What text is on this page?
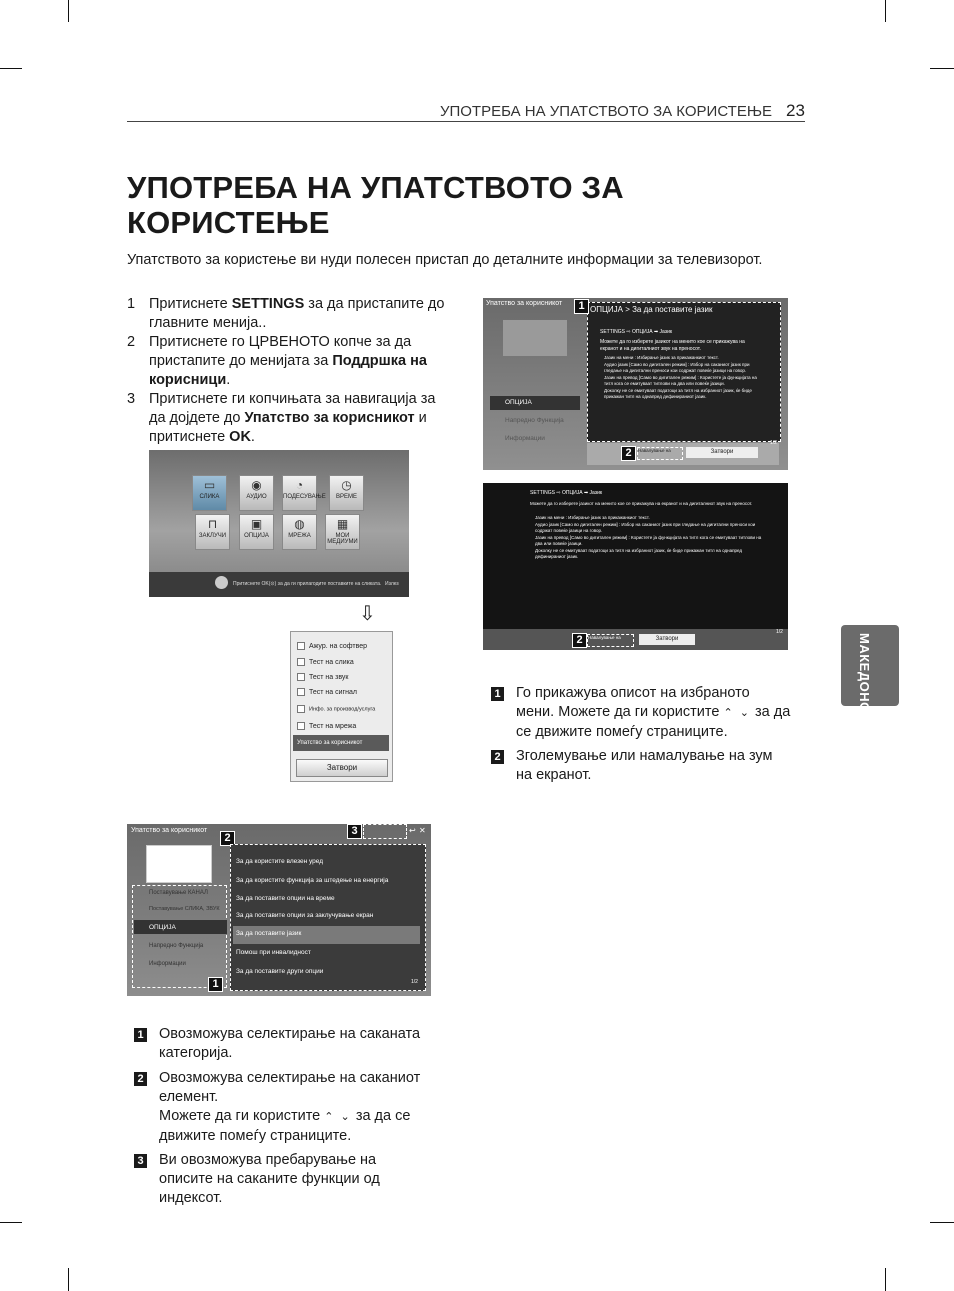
УПОТРЕБА НА УПАТСТВОТО ЗА КОРИСТЕЊЕ 23
УПОТРЕБА НА УПАТСТВОТО ЗА КОРИСТЕЊЕ
Упатството за користење ви нуди полесен пристап до деталните информации за телевизорот.
1 Притиснете SETTINGS за да пристапите до главните менија..
2 Притиснете го ЦРВЕНОТО копче за да пристапите до менијата за Поддршка на корисници.
3 Притиснете ги копчињата за навигација за да дојдете до Упатство за корисникот и притиснете OK.
▭
СЛИКА
◉
АУДИО
◔
ПОДЕСУВАЊЕ
◷
ВРЕМЕ
⊓
ЗАКЛУЧИ
▣
ОПЦИЈА
◍
МРЕЖА
▦
МОИ МЕДИУМИ
Притиснете OK(⊙) за да ги прилагодите поставките на сликата. Излез
⇩
Ажур. на софтвер
Тест на слика
Тест на звук
Тест на сигнал
Инфо. за производ/услуга
Тест на мрежа
Упатство за корисникот
Затвори
Упатство за корисникот
Поставување КАНАЛ
Поставување СЛИКА, ЗВУК
ОПЦИЈА
Напредно Функција
Информации
1
2
3	↩ ✕
За да користите влезен уред
За да користите функција за штедење на енергија
За да поставите опции на време
За да поставите опции за заклучување екран
За да поставите јазик
Помош при инвалидност
За да поставите други опции
1/2
Упатство за корисникот
ОПЦИЈА
Напредно Функција
Информации
1 ОПЦИЈА > За да поставите јазик
SETTINGS ⇨ ОПЦИЈА ➡ Јазик
Можете да го изберете јазикот на менито кое се прикажува на екранот и на дигиталниот звук на преносот.
Јазик на мени : Избирање јазик за прикажанкиот текст.
Аудио јазик [Само во дигитален режим] : Избор на саканиот јазик при гледање на дигитални преноси кои содржат повеќе јазици на говор.
Јазик на превод [Само во дигитален режим] : Користете ја функцијата на титл кога се емитуваат титлови на два или повеќе јазици.
Доколку не се емитуваат податоци за титл на избраниот јазик, ќе биде прикажан титл на однапред дефинираниот јазик.
2	Навалување на	Затвори
1/2
SETTINGS ⇨ ОПЦИЈА ➡ Јазик
Можете да го изберете јазикот на менито кое се прикажува на екранот и на дигиталниот звук на преносот.
Јазик на мени : Избирање јазик за прикажанкиот текст.
Аудио јазик [Само во дигитален режим] : Избор на саканиот јазик при гледање на дигитални преноси кои содржат повеќе јазици на говор.
Јазик на превод [Само во дигитален режим] : Користете ја функцијата на титл кога се емитуваат титлови на два или повеќе јазици.
Доколку не се емитуваат податоци за титл на избраниот јазик, ќе биде прикажан титл на однапред дефинираниот јазик.
2	Навалување на	Затвори
1/2
1	Го прикажува описот на избраното мени. Можете да ги користите ⌃ ⌄ за да се движите помеѓу страниците.
2	Зголемување или намалување на зум на екранот.
1	Овозможува селектирање на саканата категорија.
2 Овозможува селектирање на саканиот елемент.
Можете да ги користите ⌃ ⌄ за да се движите помеѓу страниците.
3	Ви овозможува пребарување на описите на саканите функции од индексот.
МАКЕДОНСКИ
